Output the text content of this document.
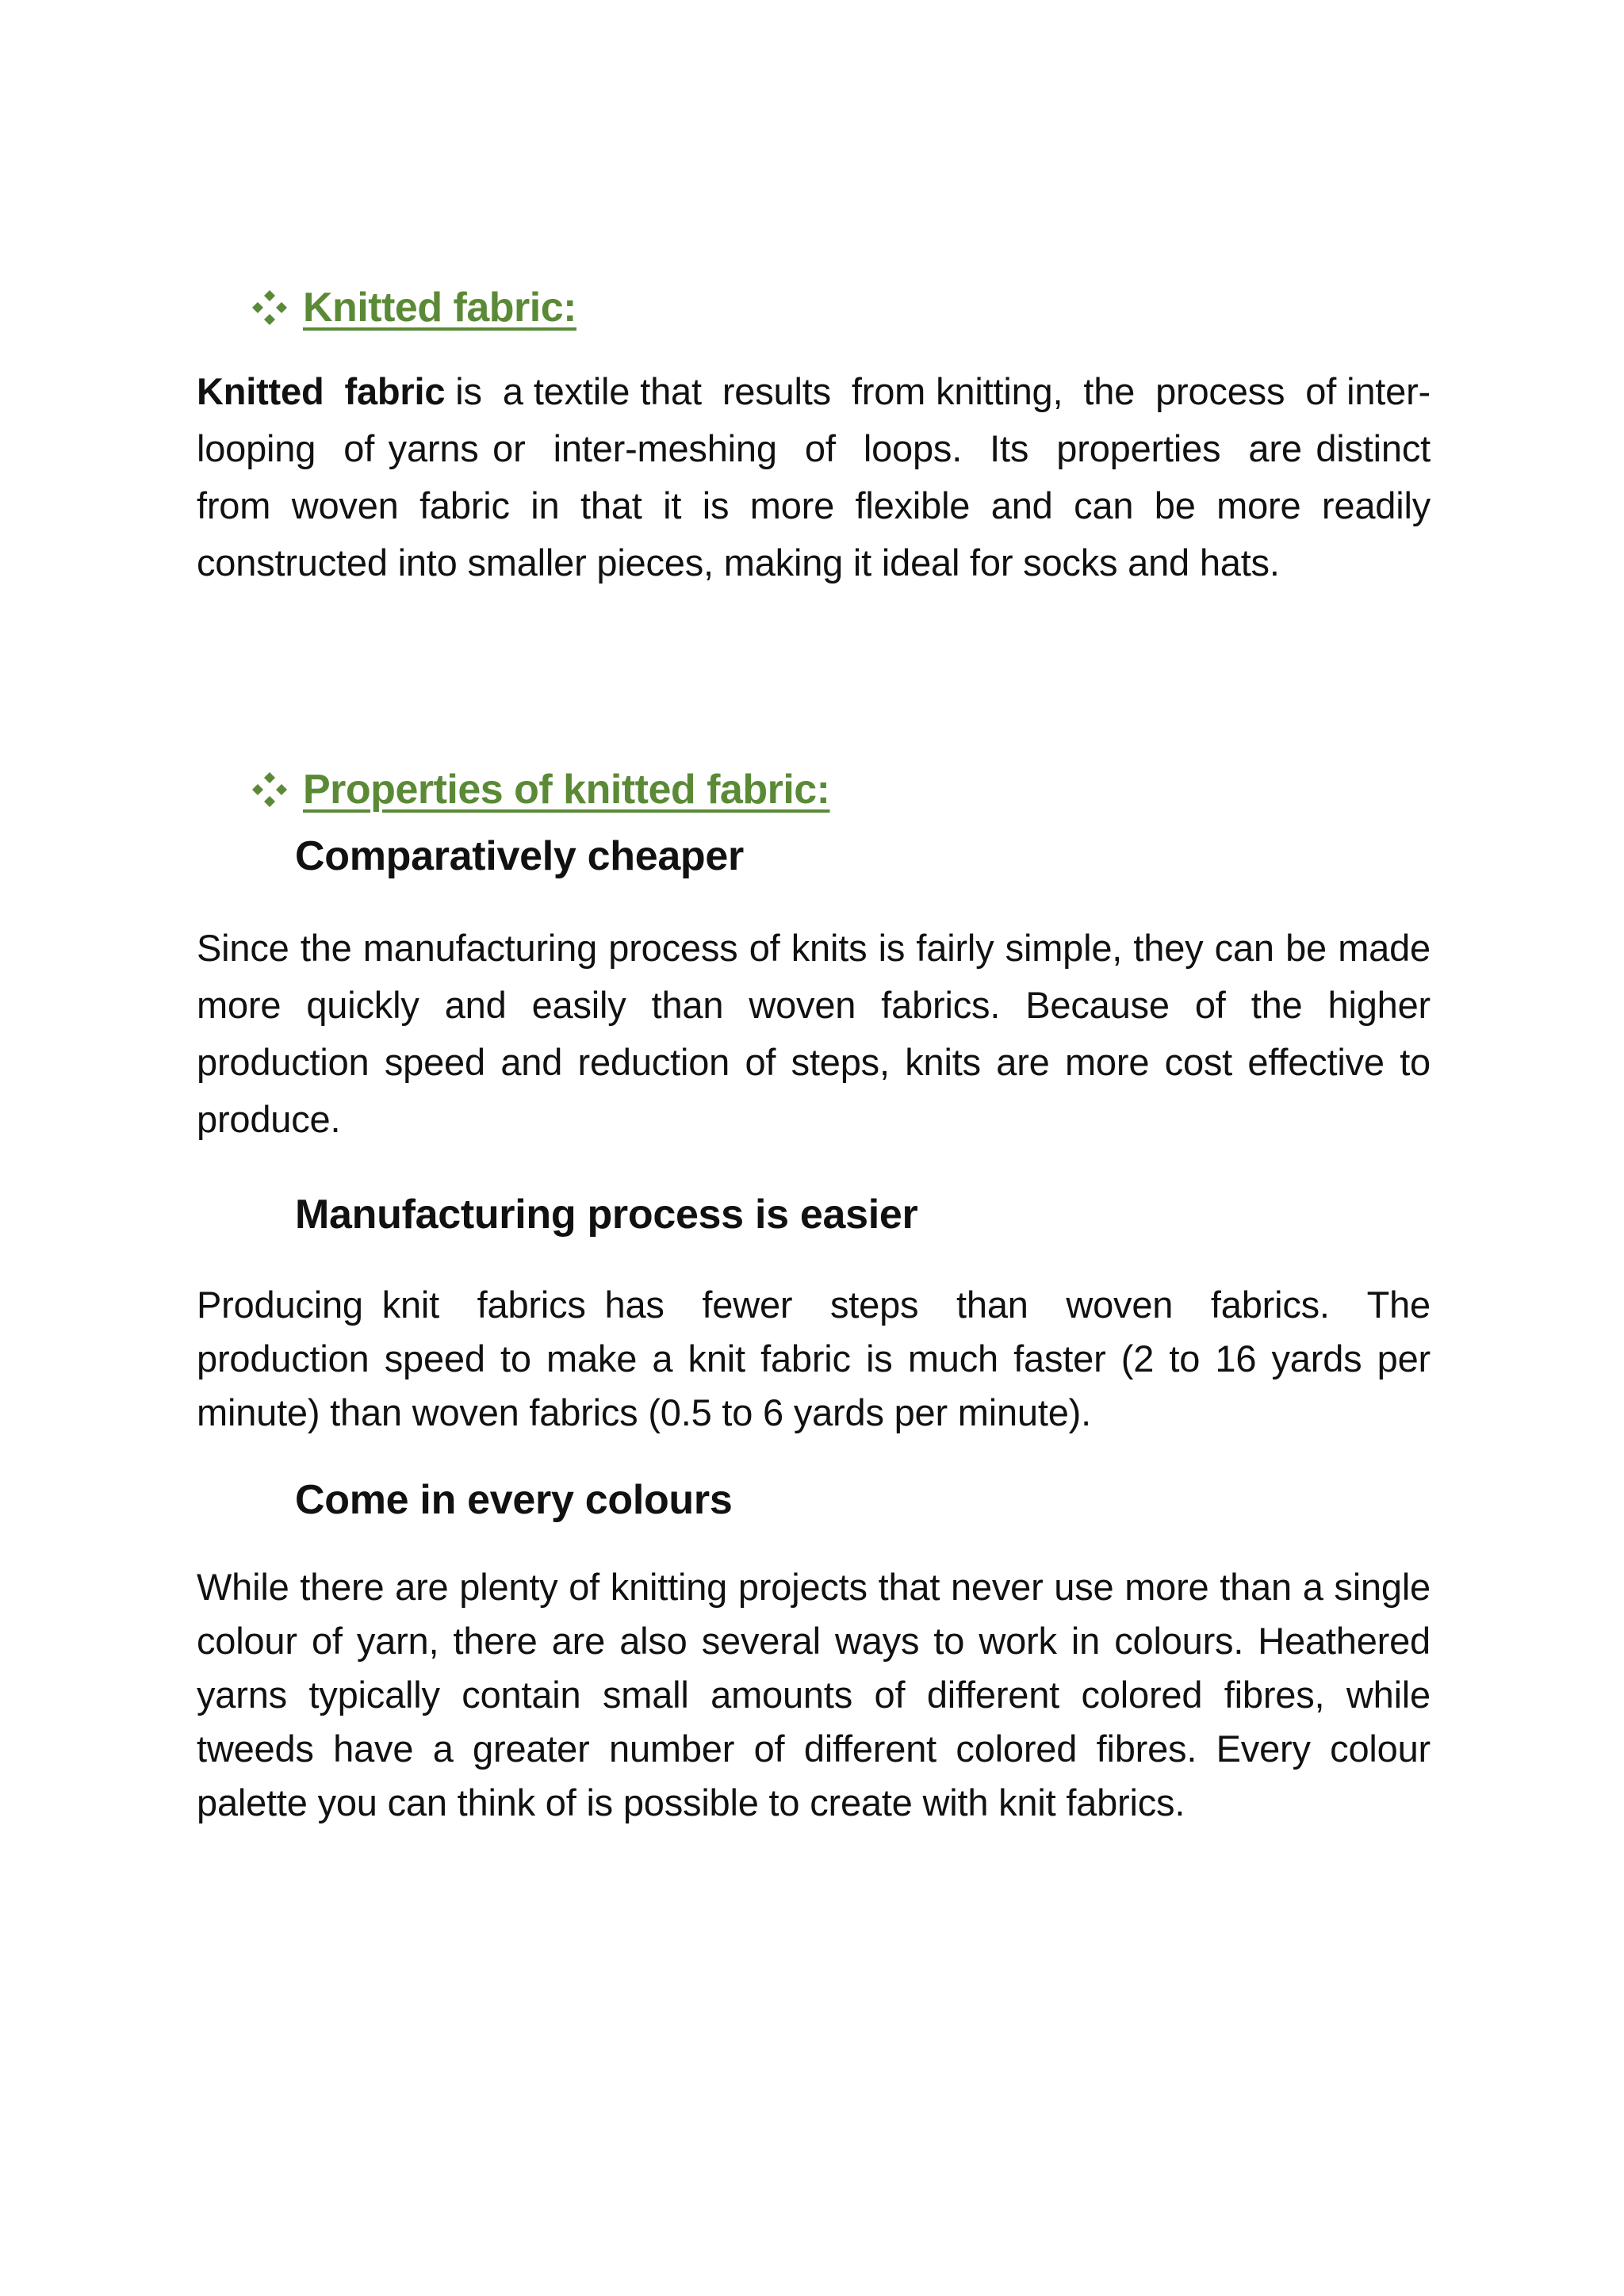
Knitted fabric:

Knitted  fabric is  a textile that  results  from knitting,  the  process  of inter-looping  of yarns or  inter-meshing  of  loops.  Its  properties  are distinct from woven fabric in that it is more flexible and can be more readily constructed into smaller pieces, making it ideal for socks and hats.

Properties of knitted fabric:
Comparatively cheaper

Since the manufacturing process of knits is fairly simple, they can be made more quickly and easily than woven fabrics. Because of the higher production speed and reduction of steps, knits are more cost effective to produce.

Manufacturing process is easier

Producing knit  fabrics has  fewer  steps  than  woven  fabrics.  The production speed to make a knit fabric is much faster (2 to 16 yards per minute) than woven fabrics (0.5 to 6 yards per minute).

Come in every colours

While there are plenty of knitting projects that never use more than a single colour of yarn, there are also several ways to work in colours. Heathered yarns typically contain small amounts of different colored fibres, while tweeds have a greater number of different colored fibres. Every colour palette you can think of is possible to create with knit fabrics.
